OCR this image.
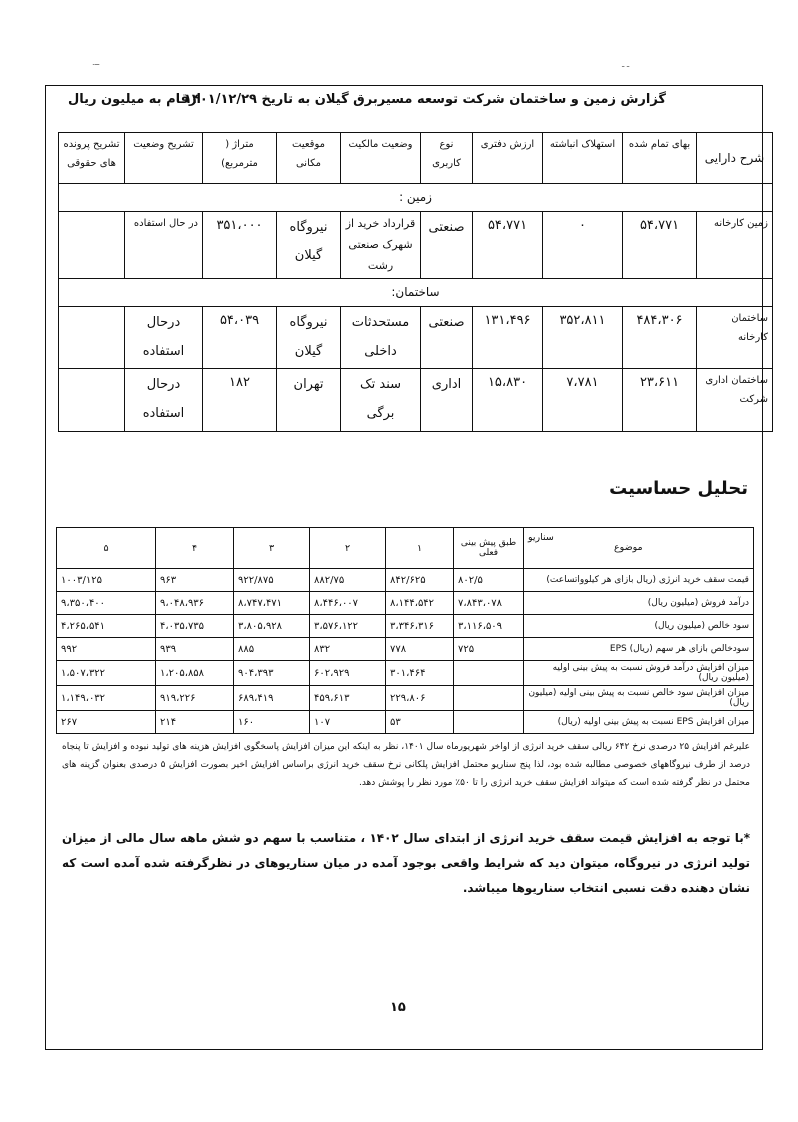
.ــ	ـ ـ
گزارش زمین و ساختمان شرکت توسعه مسیربرق گیلان به تاریخ ۱۴۰۱/۱۲/۲۹
ارقام به میلیون ریال
شرح دارایی	بهای تمام شده	استهلاک انباشته	ارزش دفتری	نوع کاربری	وضعیت مالکیت	موقعیت مکانی	متراژ ( مترمربع)	تشریح وضعیت	تشریح پرونده های حقوقی
زمین :									
زمین کارخانه	۵۴،۷۷۱	۰	۵۴،۷۷۱	صنعتی	قرارداد خرید از شهرک صنعتی رشت	نیروگاه گیلان	۳۵۱،۰۰۰	در حال استفاده	
ساختمان:									
ساختمان کارخانه	۴۸۴،۳۰۶	۳۵۲،۸۱۱	۱۳۱،۴۹۶	صنعتی	مستحدثات داخلی	نیروگاه گیلان	۵۴،۰۳۹	درحال استفاده	
ساختمان اداری شرکت	۲۳،۶۱۱	۷،۷۸۱	۱۵،۸۳۰	اداری	سند تک برگی	تهران	۱۸۲	درحال استفاده	
تحلیل حساسیت
موضوع
سناریو	طبق پیش بینی فعلی	۱	۲	۳	۴	۵
قیمت سقف خرید انرژی (ریال بازای هر کیلوواتساعت)	۸۰۲/۵	۸۴۲/۶۲۵	۸۸۲/۷۵	۹۲۲/۸۷۵	۹۶۳	۱۰۰۳/۱۲۵
درآمد فروش (میلیون ریال)	۷،۸۴۳،۰۷۸	۸،۱۴۴،۵۴۲	۸،۴۴۶،۰۰۷	۸،۷۴۷،۴۷۱	۹،۰۴۸،۹۳۶	۹،۳۵۰،۴۰۰
سود خالص (میلیون ریال)	۳،۱۱۶،۵۰۹	۳،۳۴۶،۳۱۶	۳،۵۷۶،۱۲۲	۳،۸۰۵،۹۲۸	۴،۰۳۵،۷۳۵	۴،۲۶۵،۵۴۱
سودخالص بازای هر سهم (ریال) EPS	۷۲۵	۷۷۸	۸۳۲	۸۸۵	۹۳۹	۹۹۲
میزان افزایش درآمد فروش نسبت به پیش بینی اولیه (میلیون ریال)		۳۰۱،۴۶۴	۶۰۲،۹۲۹	۹۰۴،۳۹۳	۱،۲۰۵،۸۵۸	۱،۵۰۷،۳۲۲
میزان افزایش سود خالص نسبت به پیش بینی اولیه (میلیون ریال)		۲۲۹،۸۰۶	۴۵۹،۶۱۳	۶۸۹،۴۱۹	۹۱۹،۲۲۶	۱،۱۴۹،۰۳۲
میزان افزایش EPS نسبت به پیش بینی اولیه (ریال)		۵۳	۱۰۷	۱۶۰	۲۱۴	۲۶۷
علیرغم افزایش ۲۵ درصدی نرخ ۶۴۲ ریالی سقف خرید انرژی از اواخر شهریورماه سال ۱۴۰۱، نظر به اینکه این میزان افزایش پاسخگوی افزایش هزینه های تولید نبوده و افزایش تا پنجاه درصد از طرف نیروگاههای خصوصی مطالبه شده بود، لذا پنج سناریو محتمل افزایش پلکانی نرخ سقف خرید انرژی براساس افزایش اخیر بصورت افزایش ۵ درصدی بعنوان گزینه های محتمل در نظر گرفته شده است که میتواند افزایش سقف خرید انرژی را تا ۵۰٪ مورد نظر را پوشش دهد.
*با توجه به افزایش قیمت سقف خرید انرژی از ابتدای سال ۱۴۰۲ ، متناسب با سهم دو شش ماهه سال مالی از میزان تولید انرژی در نیروگاه، میتوان دید که شرایط واقعی بوجود آمده در میان سناریوهای در نظرگرفته شده آمده است که نشان دهنده دقت نسبی انتخاب سناریوها میباشد.
۱۵
